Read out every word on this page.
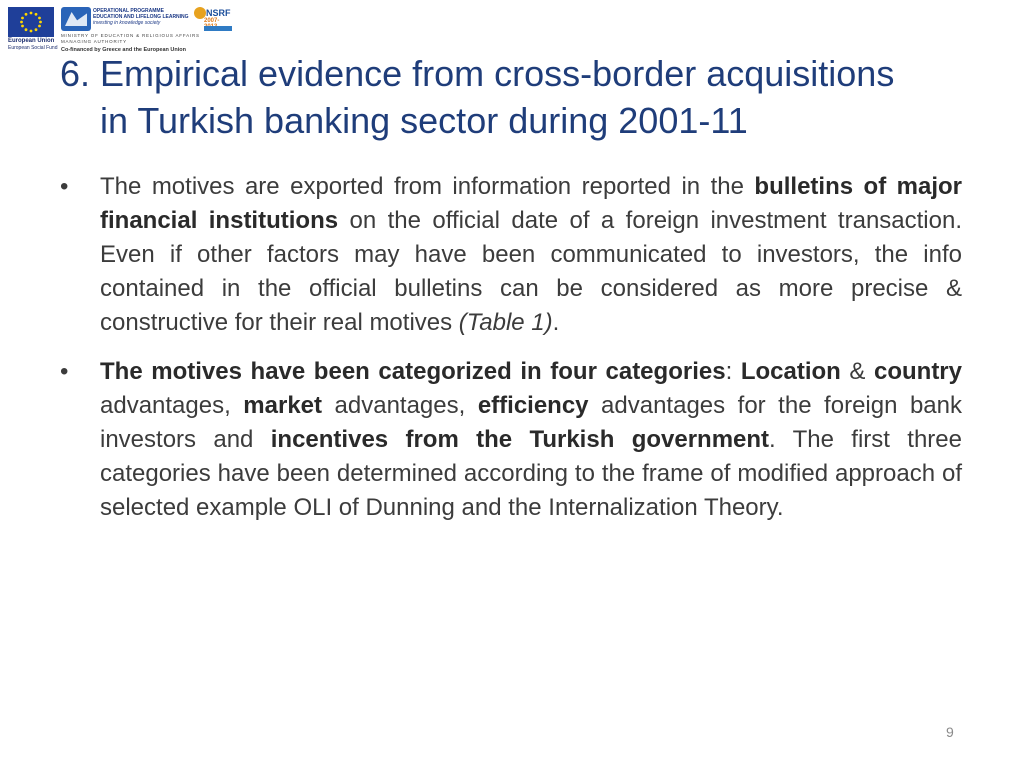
European Union
European Social Fund
OPERATIONAL PROGRAMME
EDUCATION AND LIFELONG LEARNING
investing in knowledge society
MINISTRY OF EDUCATION & RELIGIOUS AFFAIRS
MANAGING AUTHORITY
NSRF
2007-
Co-financed by Greece and the European Union
6. Empirical evidence from cross-border acquisitions
in Turkish banking sector during 2001-11
•	The motives are exported from information reported in the bulletins of major financial institutions on the official date of a foreign investment transaction. Even if other factors may have been communicated to investors, the info contained in the official bulletins can be considered as more precise & constructive for their real motives (Table 1).
•	The motives have been categorized in four categories: Location & country advantages, market advantages, efficiency advantages for the foreign bank investors and incentives from the Turkish government. The first three categories have been determined according to the frame of modified approach of selected example OLI of Dunning and the Internalization Theory.
9
